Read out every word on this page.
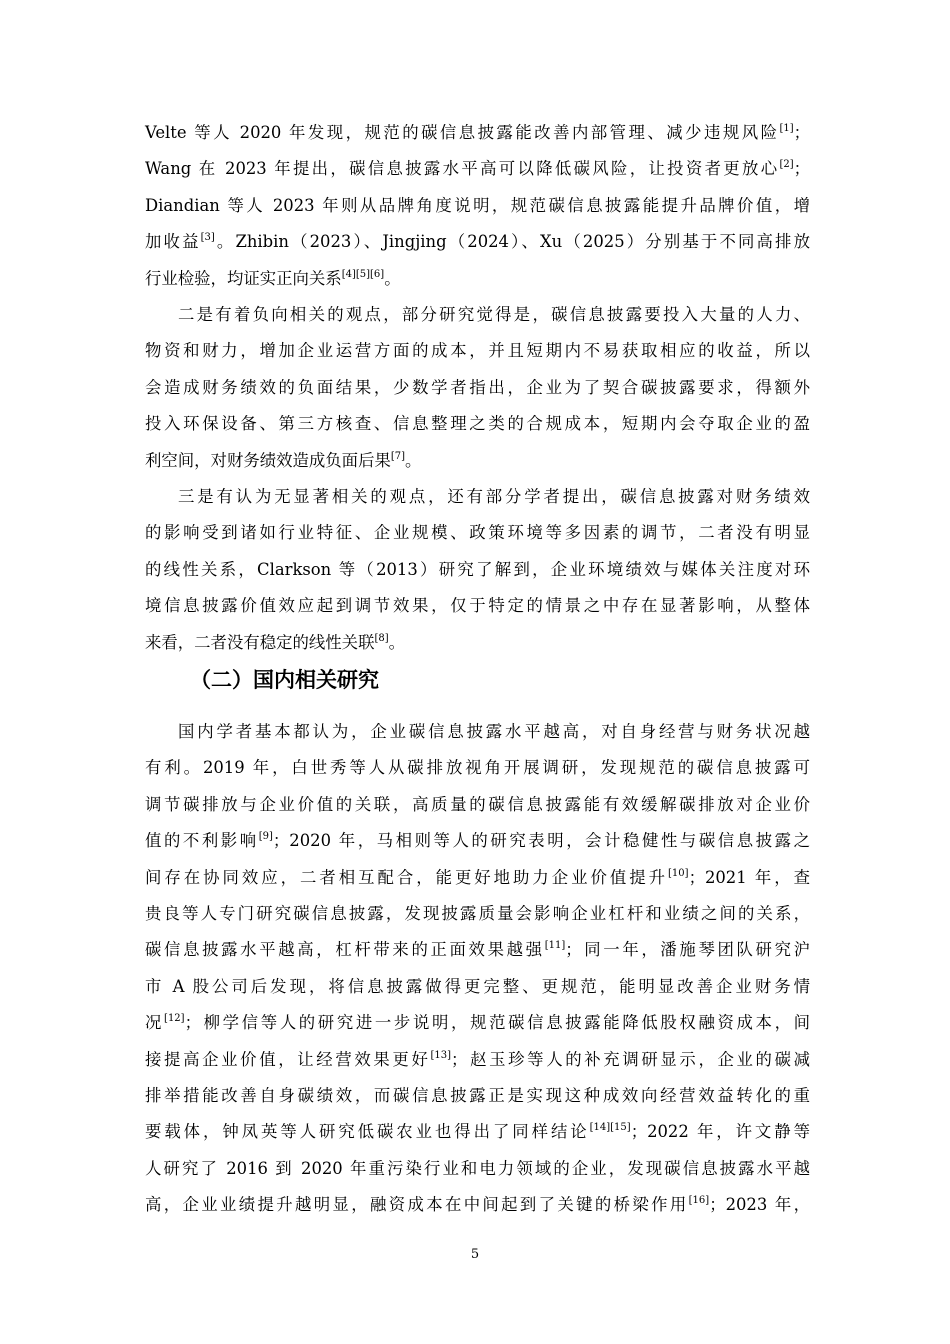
Velte 等人 2020 年发现，规范的碳信息披露能改善内部管理、减少违规风险[1]；
Wang 在 2023 年提出，碳信息披露水平高可以降低碳风险，让投资者更放心[2]；
Diandian 等人 2023 年则从品牌角度说明，规范碳信息披露能提升品牌价值，增
加收益[3]。Zhibin（2023）、Jingjing（2024）、Xu（2025）分别基于不同高排放
行业检验，均证实正向关系[4][5][6]。
二是有着负向相关的观点，部分研究觉得是，碳信息披露要投入大量的人力、
物资和财力，增加企业运营方面的成本，并且短期内不易获取相应的收益，所以
会造成财务绩效的负面结果，少数学者指出，企业为了契合碳披露要求，得额外
投入环保设备、第三方核查、信息整理之类的合规成本，短期内会夺取企业的盈
利空间，对财务绩效造成负面后果[7]。
三是有认为无显著相关的观点，还有部分学者提出，碳信息披露对财务绩效
的影响受到诸如行业特征、企业规模、政策环境等多因素的调节，二者没有明显
的线性关系，Clarkson 等（2013）研究了解到，企业环境绩效与媒体关注度对环
境信息披露价值效应起到调节效果，仅于特定的情景之中存在显著影响，从整体
来看，二者没有稳定的线性关联[8]。
（二）国内相关研究
国内学者基本都认为，企业碳信息披露水平越高，对自身经营与财务状况越
有利。2019 年，白世秀等人从碳排放视角开展调研，发现规范的碳信息披露可
调节碳排放与企业价值的关联，高质量的碳信息披露能有效缓解碳排放对企业价
值的不利影响[9]；2020 年，马相则等人的研究表明，会计稳健性与碳信息披露之
间存在协同效应，二者相互配合，能更好地助力企业价值提升[10]；2021 年，查
贵良等人专门研究碳信息披露，发现披露质量会影响企业杠杆和业绩之间的关系，
碳信息披露水平越高，杠杆带来的正面效果越强[11]；同一年，潘施琴团队研究沪
市 A 股公司后发现，将信息披露做得更完整、更规范，能明显改善企业财务情
况[12]；柳学信等人的研究进一步说明，规范碳信息披露能降低股权融资成本，间
接提高企业价值，让经营效果更好[13]；赵玉珍等人的补充调研显示，企业的碳减
排举措能改善自身碳绩效，而碳信息披露正是实现这种成效向经营效益转化的重
要载体，钟凤英等人研究低碳农业也得出了同样结论[14][15]；2022 年，许文静等
人研究了 2016 到 2020 年重污染行业和电力领域的企业，发现碳信息披露水平越
高，企业业绩提升越明显，融资成本在中间起到了关键的桥梁作用[16]；2023 年，
5
